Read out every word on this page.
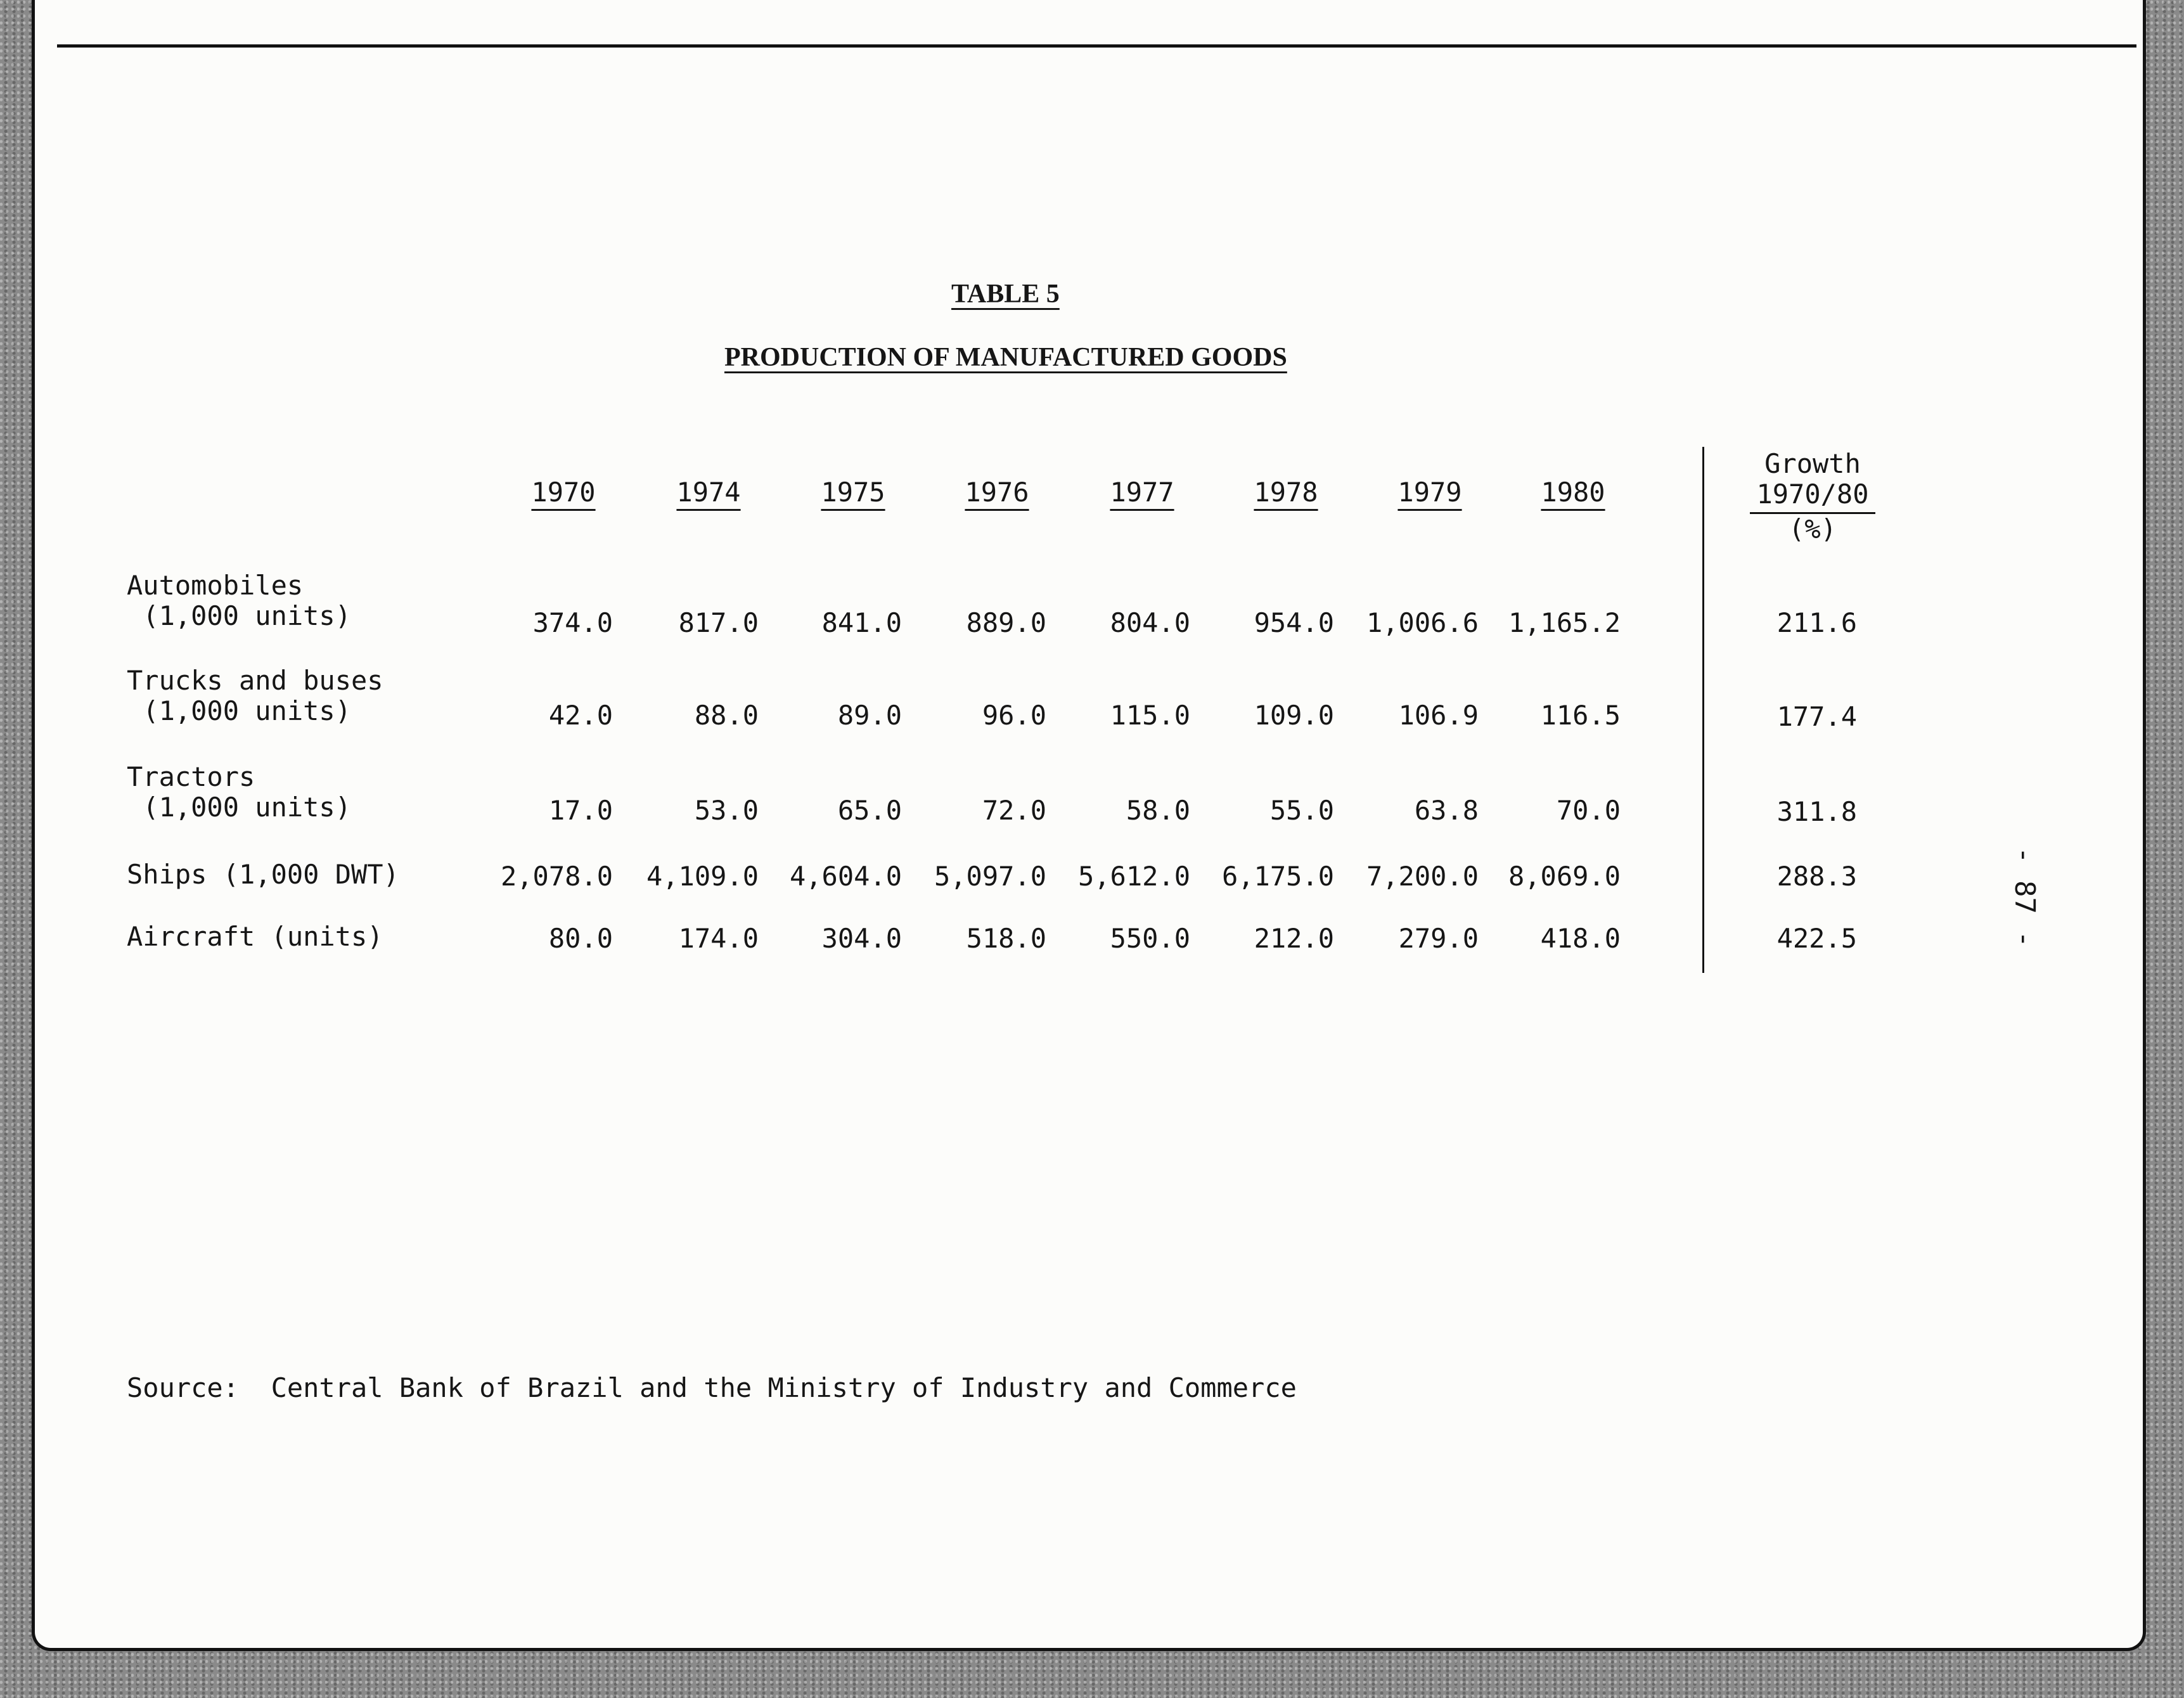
TABLE 5
PRODUCTION OF MANUFACTURED GOODS
1970	1974	1975	1976	1977	1978	1979	1980
Growth
1970/80
(%)
Automobiles
(1,000 units)	374.0	817.0	841.0	889.0	804.0	954.0	1,006.6	1,165.2	211.6
Trucks and buses
(1,000 units)	42.0	88.0	89.0	96.0	115.0	109.0	106.9	116.5	177.4
Tractors
(1,000 units)	17.0	53.0	65.0	72.0	58.0	55.0	63.8	70.0	311.8
Ships (1,000 DWT)	2,078.0	4,109.0	4,604.0	5,097.0	5,612.0	6,175.0	7,200.0	8,069.0	288.3
Aircraft (units)	80.0	174.0	304.0	518.0	550.0	212.0	279.0	418.0	422.5	- 87 -
Source:  Central Bank of Brazil and the Ministry of Industry and Commerce
